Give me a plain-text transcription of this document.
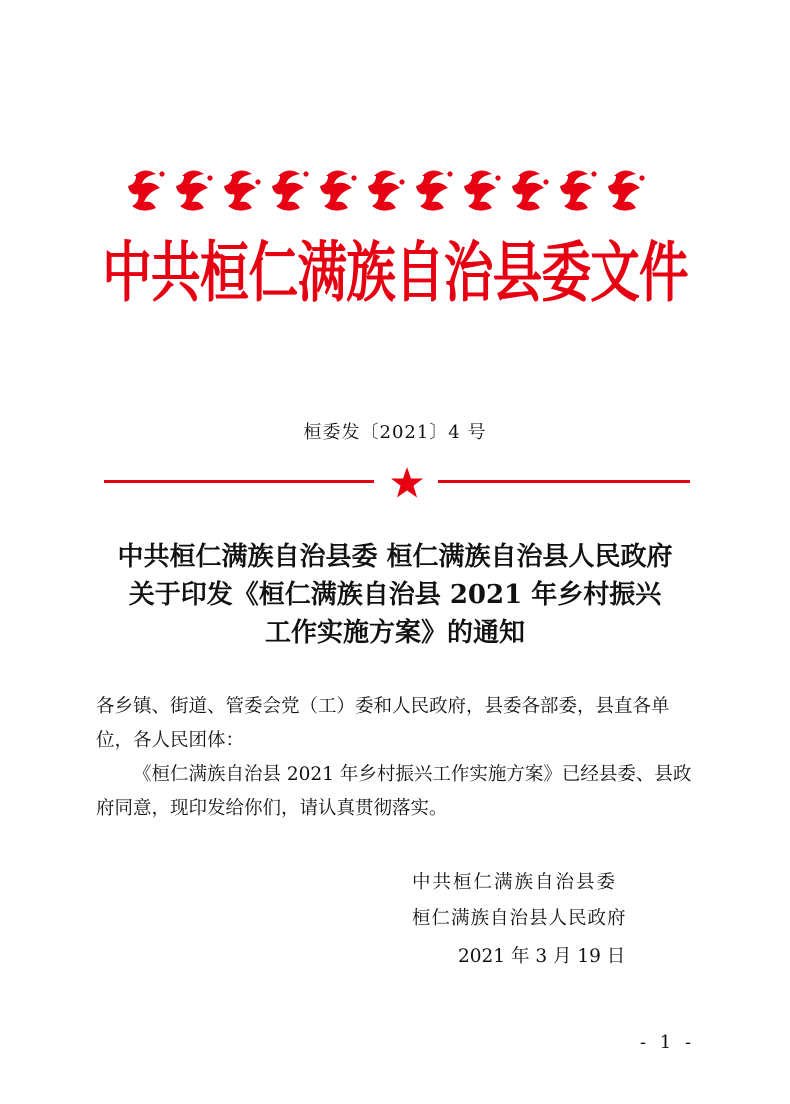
中共桓仁满族自治县委文件
桓委发〔2021〕4 号
中共桓仁满族自治县委 桓仁满族自治县人民政府
关于印发《桓仁满族自治县 2021 年乡村振兴
工作实施方案》的通知

各乡镇、街道、管委会党（工）委和人民政府，县委各部委，县直各单位，各人民团体：

《桓仁满族自治县 2021 年乡村振兴工作实施方案》已经县委、县政府同意，现印发给你们，请认真贯彻落实。

中共桓仁满族自治县委
桓仁满族自治县人民政府
2021 年 3 月 19 日
- 1 -
